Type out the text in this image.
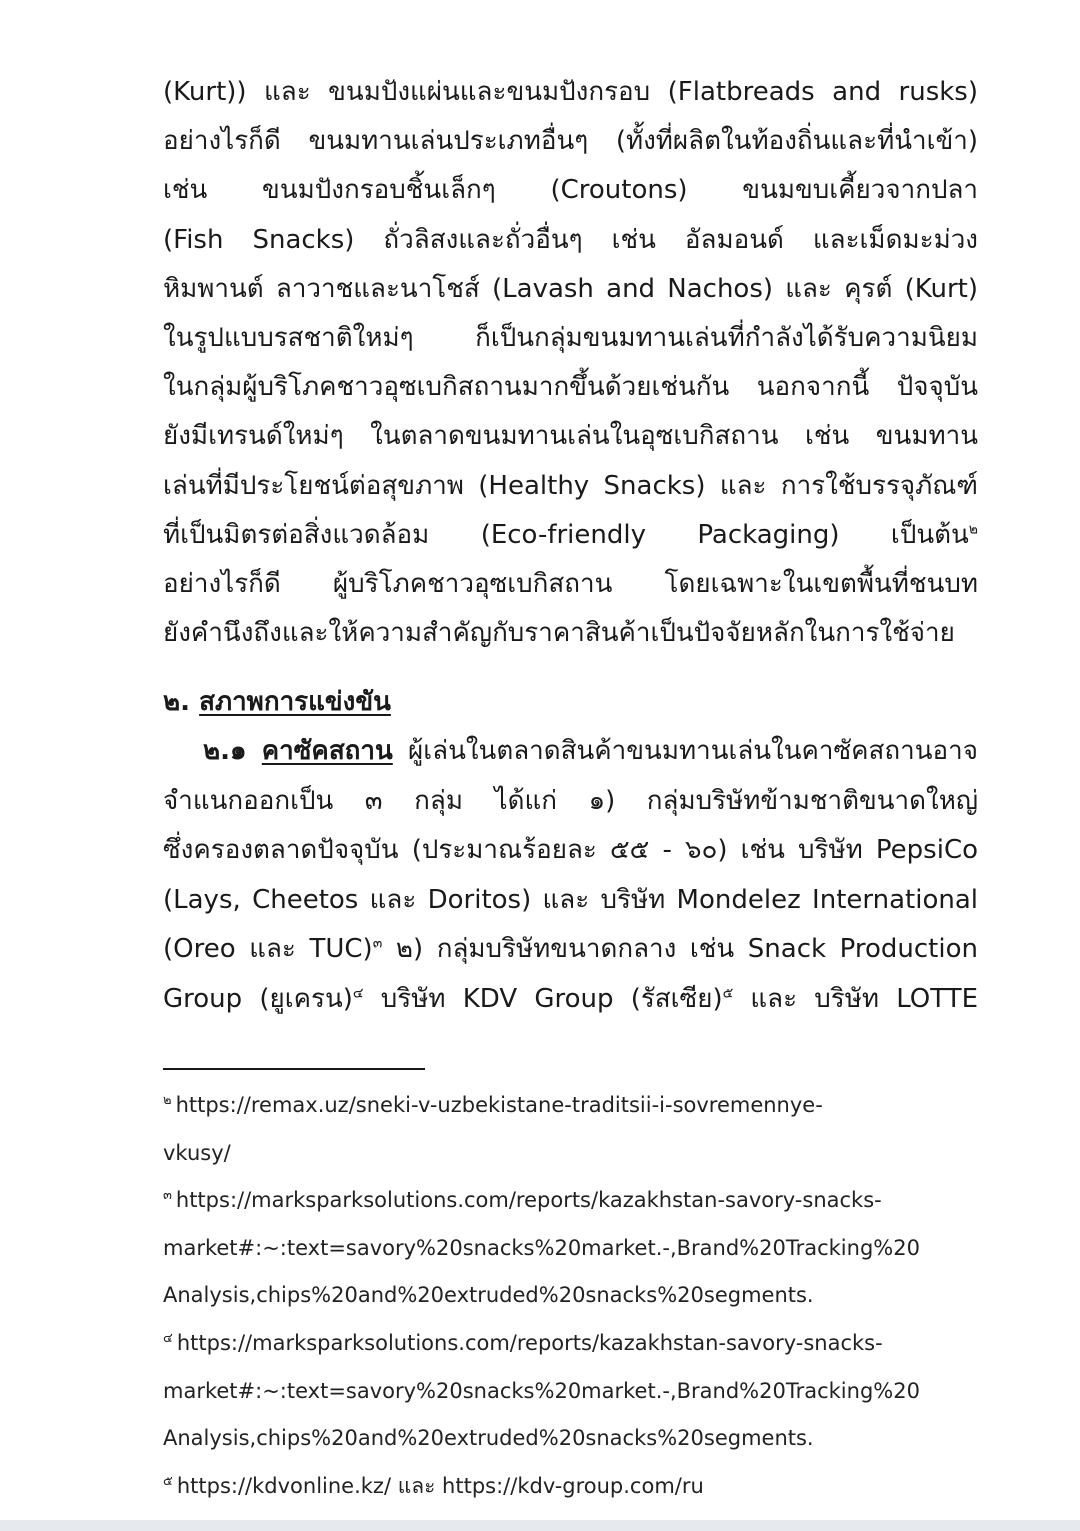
(Kurt)) และ ขนมปังแผ่นและขนมปังกรอบ (Flatbreads and rusks)
อย่างไรก็ดี ขนมทานเล่นประเภทอื่นๆ (ทั้งที่ผลิตในท้องถิ่นและที่นำเข้า)
เช่น ขนมปังกรอบชิ้นเล็กๆ (Croutons) ขนมขบเคี้ยวจากปลา
(Fish Snacks) ถั่วลิสงและถั่วอื่นๆ เช่น อัลมอนด์ และเม็ดมะม่วง
หิมพานต์ ลาวาชและนาโชส์ (Lavash and Nachos) และ คุรต์ (Kurt)
ในรูปแบบรสชาติใหม่ๆ ก็เป็นกลุ่มขนมทานเล่นที่กำลังได้รับความนิยม
ในกลุ่มผู้บริโภคชาวอุซเบกิสถานมากขึ้นด้วยเช่นกัน นอกจากนี้ ปัจจุบัน
ยังมีเทรนด์ใหม่ๆ ในตลาดขนมทานเล่นในอุซเบกิสถาน เช่น ขนมทาน
เล่นที่มีประโยชน์ต่อสุขภาพ (Healthy Snacks) และ การใช้บรรจุภัณฑ์
ที่เป็นมิตรต่อสิ่งแวดล้อม (Eco-friendly Packaging) เป็นต้น$^๒$
อย่างไรก็ดี ผู้บริโภคชาวอุซเบกิสถาน โดยเฉพาะในเขตพื้นที่ชนบท
ยังคำนึงถึงและให้ความสำคัญกับราคาสินค้าเป็นปัจจัยหลักในการใช้จ่าย
๒. สภาพการแข่งขัน
๒.๑ คาซัคสถาน ผู้เล่นในตลาดสินค้าขนมทานเล่นในคาซัคสถานอาจ
จำแนกออกเป็น ๓ กลุ่ม ได้แก่ ๑) กลุ่มบริษัทข้ามชาติขนาดใหญ่
ซึ่งครองตลาดปัจจุบัน (ประมาณร้อยละ ๕๕ - ๖๐) เช่น บริษัท PepsiCo
(Lays, Cheetos และ Doritos) และ บริษัท Mondelez International
(Oreo และ TUC)$^๓$ ๒) กลุ่มบริษัทขนาดกลาง เช่น Snack Production
Group (ยูเครน)$^๔$ บริษัท KDV Group (รัสเซีย)$^๕$ และ บริษัท LOTTE
$^๒$ https://remax.uz/sneki-v-uzbekistane-traditsii-i-sovremennye-
vkusy/
$^๓$ https://marksparksolutions.com/reports/kazakhstan-savory-snacks-
market#:~:text=savory%20snacks%20market.-,Brand%20Tracking%20
Analysis,chips%20and%20extruded%20snacks%20segments.
$^๔$ https://marksparksolutions.com/reports/kazakhstan-savory-snacks-
market#:~:text=savory%20snacks%20market.-,Brand%20Tracking%20
Analysis,chips%20and%20extruded%20snacks%20segments.
$^๕$ https://kdvonline.kz/ และ https://kdv-group.com/ru
